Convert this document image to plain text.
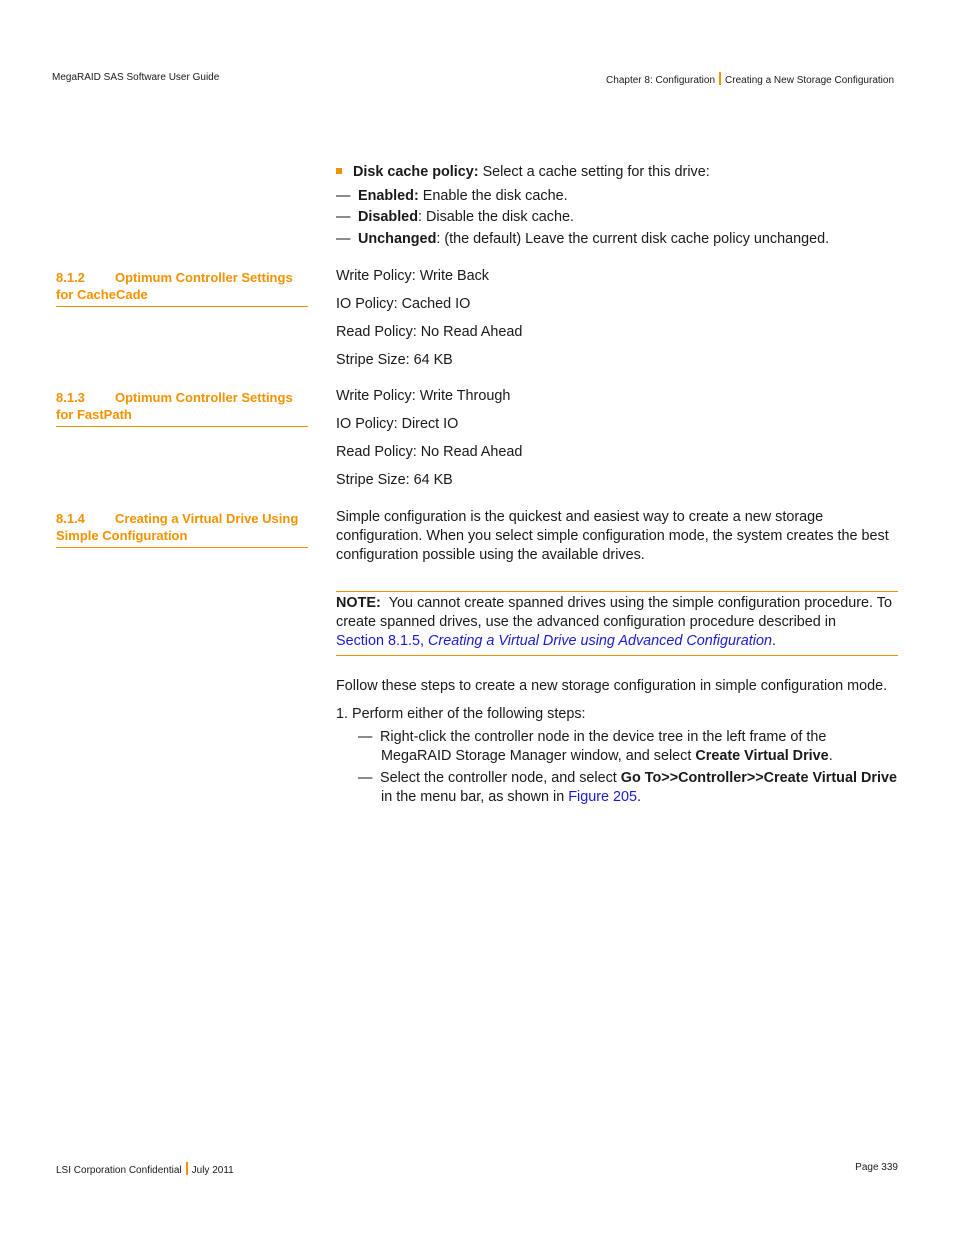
MegaRAID SAS Software User Guide	Chapter 8: Configuration Creating a New Storage Configuration
Disk cache policy: Select a cache setting for this drive:
— Enabled: Enable the disk cache.
— Disabled: Disable the disk cache.
— Unchanged: (the default) Leave the current disk cache policy unchanged.
8.1.2 Optimum Controller Settings
for CacheCade
Write Policy: Write Back
IO Policy: Cached IO
Read Policy: No Read Ahead
Stripe Size: 64 KB
8.1.3 Optimum Controller Settings
for FastPath
Write Policy: Write Through
IO Policy: Direct IO
Read Policy: No Read Ahead
Stripe Size: 64 KB
8.1.4 Creating a Virtual Drive Using
Simple Configuration
Simple configuration is the quickest and easiest way to create a new storage
configuration. When you select simple configuration mode, the system creates the best
configuration possible using the available drives.
NOTE: You cannot create spanned drives using the simple configuration procedure. To
create spanned drives, use the advanced configuration procedure described in
Section 8.1.5, Creating a Virtual Drive using Advanced Configuration.
Follow these steps to create a new storage configuration in simple configuration mode.
1. Perform either of the following steps:
— Right-click the controller node in the device tree in the left frame of the
MegaRAID Storage Manager window, and select Create Virtual Drive.
— Select the controller node, and select Go To>>Controller>>Create Virtual Drive
in the menu bar, as shown in Figure 205.
LSI Corporation Confidential July 2011	Page 339
